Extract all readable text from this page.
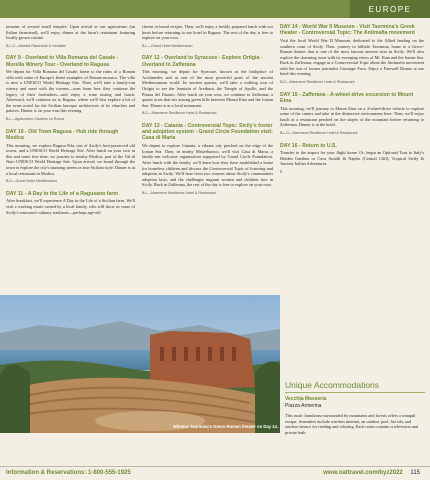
EUROPE

remains of several small temples. Upon arrival at our agriturismo (an Italian farmstead), we'll enjoy dinner at the farm's restaurant featuring locally grown cuisine.

B,L,D—Maestà Ristorante & Vendittei
DAY 9 - Overland to Villa Romana del Casale - Morella Winery Tour - Overland to Ragusa

We depart for Villa Romana del Casale, home to the ruins of a Roman villa with some of Europe's finest examples of Roman mosaics. The villa is now a UNESCO World Heritage Site. Then, we'll take a family-run winery and meet with the owners—sons learn how they continue the legacy of their forefathers—and enjoy a wine tasting and lunch. Afterward, we'll continue on to Ragusa, where we'll first explore a bit of the town noted for the Sicilian baroque architecture of its churches and palaces. Dinner is on your own this evening.

B,L—Agriturismo Giardino La Rocca
DAY 10 - Old Town Ragusa - Hub ride through Modica

This morning, we explore Ragusa Ibla, one of Sicily's best-preserved old towns, and a UNESCO World Heritage Site. After lunch on your own in this and some free time, we journey to nearby Modica, part of the Val di Noto UNESCO World Heritage Site. Upon arrival, we board through the town to explore the city's stunning streets in true Sicilian style. Dinner is at a local restaurant in Modica.

B,D—Grand Hotel Mediterraneo
DAY 11 - A Day in the Life of a Ragusano farm

After breakfast, we'll experience A Day in the Life of a Sicilian farm. We'll visit a working estate owned by a local family, who will show us some of Sicily's renowned culinary traditions—perhaps age-old

cheese or bread recipes. Then, we'll enjoy a freshly prepared lunch with our hosts before returning to our hotel in Ragusa. The rest of the day is free to explore on your own.

B,L—Grand Hotel Mediterraneo
DAY 12 - Overland to Syracuse - Explore Ortigia - Overland to Zafferana

This morning, we depart for Syracuse, known as the birthplace of Archimedes and as one of the most powerful ports of the ancient Mediterranean world. Its ancient quarter, we'll take a walking tour of Ortigia to see the fountain of Arethusa, the Temple of Apollo, and the Piazza del Duomo. After lunch on your own, we continue to Zafferana, a quaint town that sits among green hills between Mount Etna and the Ionian Sea. Dinner is at a local restaurant.

B,D—Mareneve Resilience Hotel & Restaurant
DAY 13 - Catania - Controversial Topic: Sicily's foster and adoption system - Grand Circle Foundation visit: Casa di Maria

We depart to explore Catania, a vibrant city perched on the edge of the Ionian Sea. Then, in nearby Misterbianco, we'll visit Casa di Maria, a family-run welcome organization supported by Grand Circle Foundation. After lunch with the family, we'll learn how they have established a home for homeless children and discuss the Controversial Topic of fostering and adoption in Sicily. We'll hear from two women about Sicily's communities adoption laws, and the challenges migrant women and children face in Sicily. Back in Zafferana, the rest of the day is free to explore on your own.

B,L—Mareneve Resilience Hotel & Restaurant
DAY 14 - World War II Museum - Visit Taormina's Greek theater - Controversial Topic: The Antimafia movement

Visit the local World War II Museum, dedicated to the Allied landing on the southern coast of Sicily. Then, journey to hillside Taormina, home to a Greco-Roman theater that is one of the most famous ancient sites in Sicily. We'll also explore the charming town with its sweeping views of Mt. Etna and the Ionian Sea. Back in Zafferana, engage in a Controversial Topic about the Antimafia movement with the son of former journalist Giuseppe Fava. Enjoy a Farewell Dinner at our hotel this evening.

B,D—Mareneve Resilience Hotel & Restaurant
DAY 15 - Zafferana - A-wheel-drive excursion to Mount Etna

This morning, we'll journey to Mount Etna on a 4-wheel-drive vehicle to explore some of the craters and take in the distinctive environment here. Then, we'll enjoy lunch at a restaurant perched on the slopes of the mountain before returning to Zafferana. Dinner is at the hotel.

B,L,D—Mareneve Resilience Hotel & Restaurant
DAY 16 - Return to U.S.

Transfer to the airport for your flight home. Or, begin an Optional Tour to Italy's Hidden Gardens or Cava Amalfi & Naples (Central Cliff), Tropical Sicily & Ancient Italian Adventures.

B
Witness Taormina's Greco-Roman theater on Day 14.
Unique Accommodations
Vecchia Masseria
Piazza Armerina
This rustic farmhouse surrounded by mountains and forests offers a tranquil escape. Amenities include wireless internet, an outdoor pool, hot tub, and outdoor terrace for reading and relaxing. Each room contains a television and private bath.
Information & Reservations: 1-800-555-1925	www.oattravel.com/byz2022 115
